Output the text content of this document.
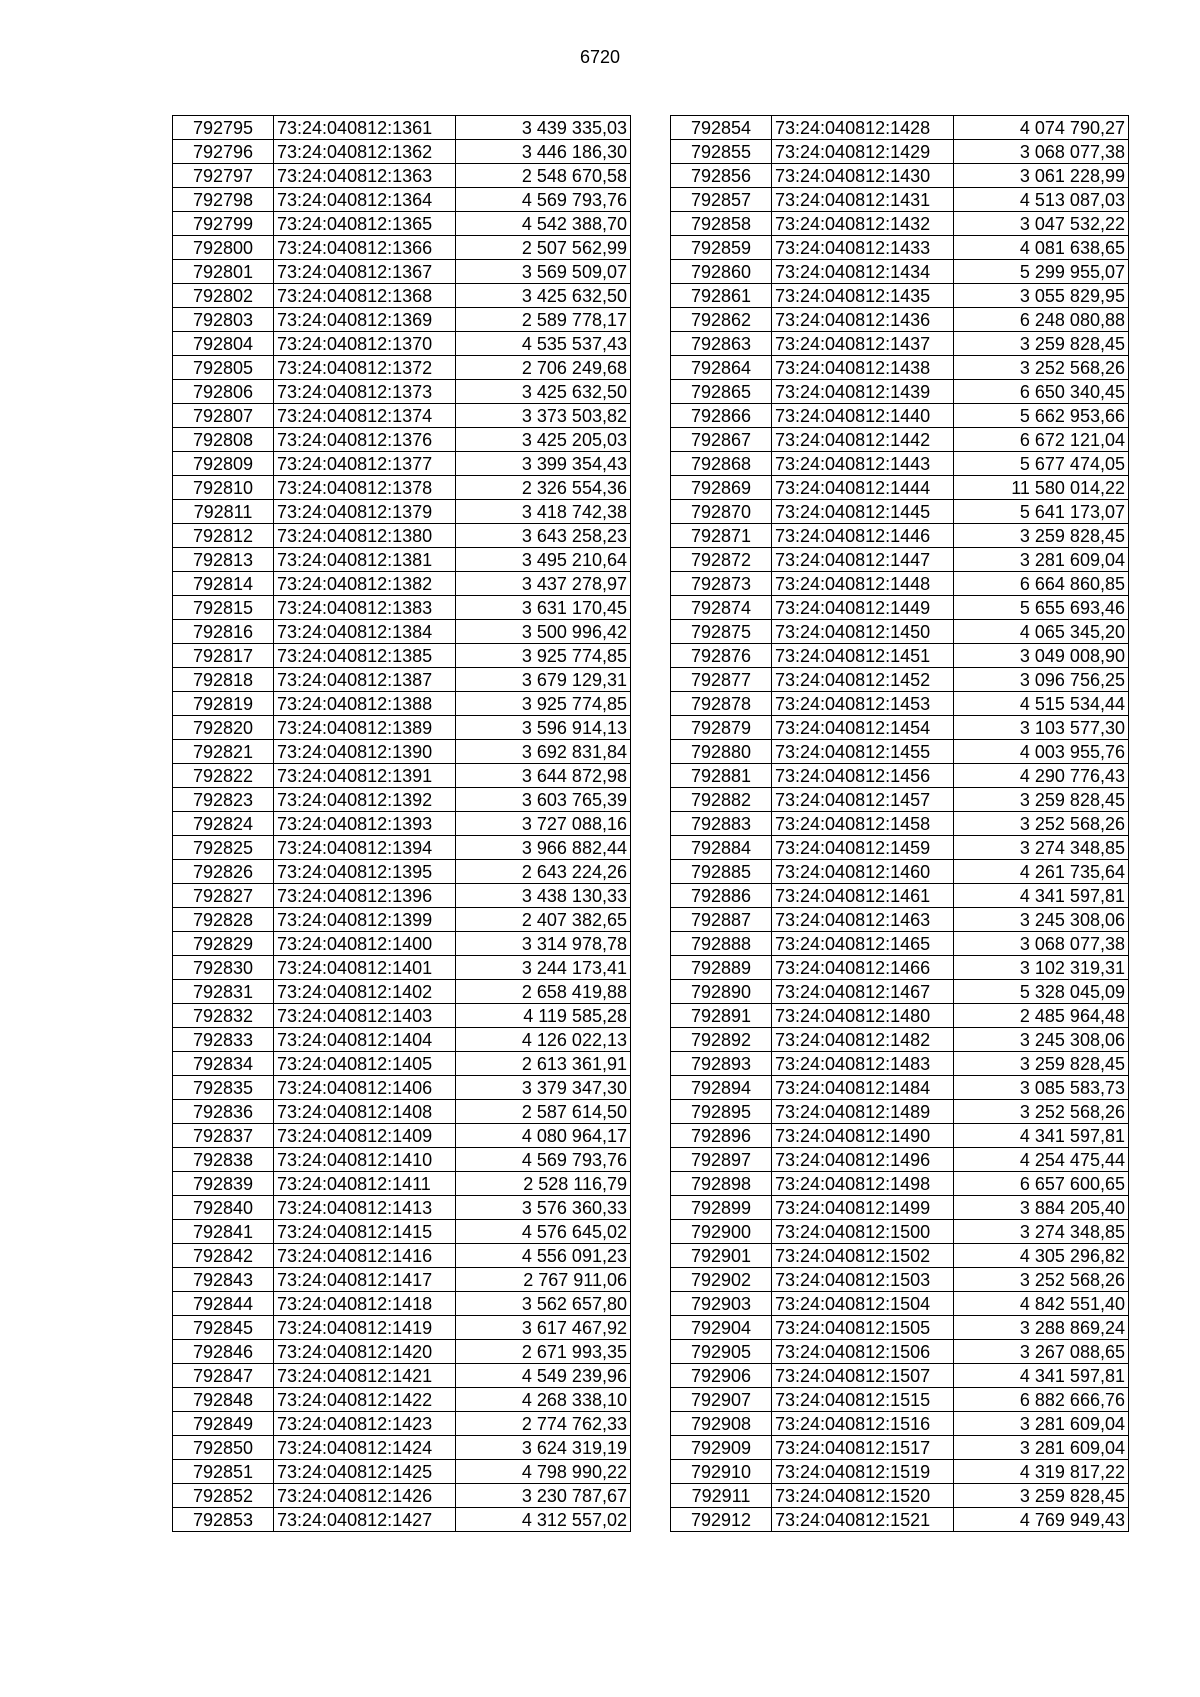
6720
792795	73:24:040812:1361	3 439 335,03
792796	73:24:040812:1362	3 446 186,30
792797	73:24:040812:1363	2 548 670,58
792798	73:24:040812:1364	4 569 793,76
792799	73:24:040812:1365	4 542 388,70
792800	73:24:040812:1366	2 507 562,99
792801	73:24:040812:1367	3 569 509,07
792802	73:24:040812:1368	3 425 632,50
792803	73:24:040812:1369	2 589 778,17
792804	73:24:040812:1370	4 535 537,43
792805	73:24:040812:1372	2 706 249,68
792806	73:24:040812:1373	3 425 632,50
792807	73:24:040812:1374	3 373 503,82
792808	73:24:040812:1376	3 425 205,03
792809	73:24:040812:1377	3 399 354,43
792810	73:24:040812:1378	2 326 554,36
792811	73:24:040812:1379	3 418 742,38
792812	73:24:040812:1380	3 643 258,23
792813	73:24:040812:1381	3 495 210,64
792814	73:24:040812:1382	3 437 278,97
792815	73:24:040812:1383	3 631 170,45
792816	73:24:040812:1384	3 500 996,42
792817	73:24:040812:1385	3 925 774,85
792818	73:24:040812:1387	3 679 129,31
792819	73:24:040812:1388	3 925 774,85
792820	73:24:040812:1389	3 596 914,13
792821	73:24:040812:1390	3 692 831,84
792822	73:24:040812:1391	3 644 872,98
792823	73:24:040812:1392	3 603 765,39
792824	73:24:040812:1393	3 727 088,16
792825	73:24:040812:1394	3 966 882,44
792826	73:24:040812:1395	2 643 224,26
792827	73:24:040812:1396	3 438 130,33
792828	73:24:040812:1399	2 407 382,65
792829	73:24:040812:1400	3 314 978,78
792830	73:24:040812:1401	3 244 173,41
792831	73:24:040812:1402	2 658 419,88
792832	73:24:040812:1403	4 119 585,28
792833	73:24:040812:1404	4 126 022,13
792834	73:24:040812:1405	2 613 361,91
792835	73:24:040812:1406	3 379 347,30
792836	73:24:040812:1408	2 587 614,50
792837	73:24:040812:1409	4 080 964,17
792838	73:24:040812:1410	4 569 793,76
792839	73:24:040812:1411	2 528 116,79
792840	73:24:040812:1413	3 576 360,33
792841	73:24:040812:1415	4 576 645,02
792842	73:24:040812:1416	4 556 091,23
792843	73:24:040812:1417	2 767 911,06
792844	73:24:040812:1418	3 562 657,80
792845	73:24:040812:1419	3 617 467,92
792846	73:24:040812:1420	2 671 993,35
792847	73:24:040812:1421	4 549 239,96
792848	73:24:040812:1422	4 268 338,10
792849	73:24:040812:1423	2 774 762,33
792850	73:24:040812:1424	3 624 319,19
792851	73:24:040812:1425	4 798 990,22
792852	73:24:040812:1426	3 230 787,67
792853	73:24:040812:1427	4 312 557,02
792854	73:24:040812:1428	4 074 790,27
792855	73:24:040812:1429	3 068 077,38
792856	73:24:040812:1430	3 061 228,99
792857	73:24:040812:1431	4 513 087,03
792858	73:24:040812:1432	3 047 532,22
792859	73:24:040812:1433	4 081 638,65
792860	73:24:040812:1434	5 299 955,07
792861	73:24:040812:1435	3 055 829,95
792862	73:24:040812:1436	6 248 080,88
792863	73:24:040812:1437	3 259 828,45
792864	73:24:040812:1438	3 252 568,26
792865	73:24:040812:1439	6 650 340,45
792866	73:24:040812:1440	5 662 953,66
792867	73:24:040812:1442	6 672 121,04
792868	73:24:040812:1443	5 677 474,05
792869	73:24:040812:1444	11 580 014,22
792870	73:24:040812:1445	5 641 173,07
792871	73:24:040812:1446	3 259 828,45
792872	73:24:040812:1447	3 281 609,04
792873	73:24:040812:1448	6 664 860,85
792874	73:24:040812:1449	5 655 693,46
792875	73:24:040812:1450	4 065 345,20
792876	73:24:040812:1451	3 049 008,90
792877	73:24:040812:1452	3 096 756,25
792878	73:24:040812:1453	4 515 534,44
792879	73:24:040812:1454	3 103 577,30
792880	73:24:040812:1455	4 003 955,76
792881	73:24:040812:1456	4 290 776,43
792882	73:24:040812:1457	3 259 828,45
792883	73:24:040812:1458	3 252 568,26
792884	73:24:040812:1459	3 274 348,85
792885	73:24:040812:1460	4 261 735,64
792886	73:24:040812:1461	4 341 597,81
792887	73:24:040812:1463	3 245 308,06
792888	73:24:040812:1465	3 068 077,38
792889	73:24:040812:1466	3 102 319,31
792890	73:24:040812:1467	5 328 045,09
792891	73:24:040812:1480	2 485 964,48
792892	73:24:040812:1482	3 245 308,06
792893	73:24:040812:1483	3 259 828,45
792894	73:24:040812:1484	3 085 583,73
792895	73:24:040812:1489	3 252 568,26
792896	73:24:040812:1490	4 341 597,81
792897	73:24:040812:1496	4 254 475,44
792898	73:24:040812:1498	6 657 600,65
792899	73:24:040812:1499	3 884 205,40
792900	73:24:040812:1500	3 274 348,85
792901	73:24:040812:1502	4 305 296,82
792902	73:24:040812:1503	3 252 568,26
792903	73:24:040812:1504	4 842 551,40
792904	73:24:040812:1505	3 288 869,24
792905	73:24:040812:1506	3 267 088,65
792906	73:24:040812:1507	4 341 597,81
792907	73:24:040812:1515	6 882 666,76
792908	73:24:040812:1516	3 281 609,04
792909	73:24:040812:1517	3 281 609,04
792910	73:24:040812:1519	4 319 817,22
792911	73:24:040812:1520	3 259 828,45
792912	73:24:040812:1521	4 769 949,43
